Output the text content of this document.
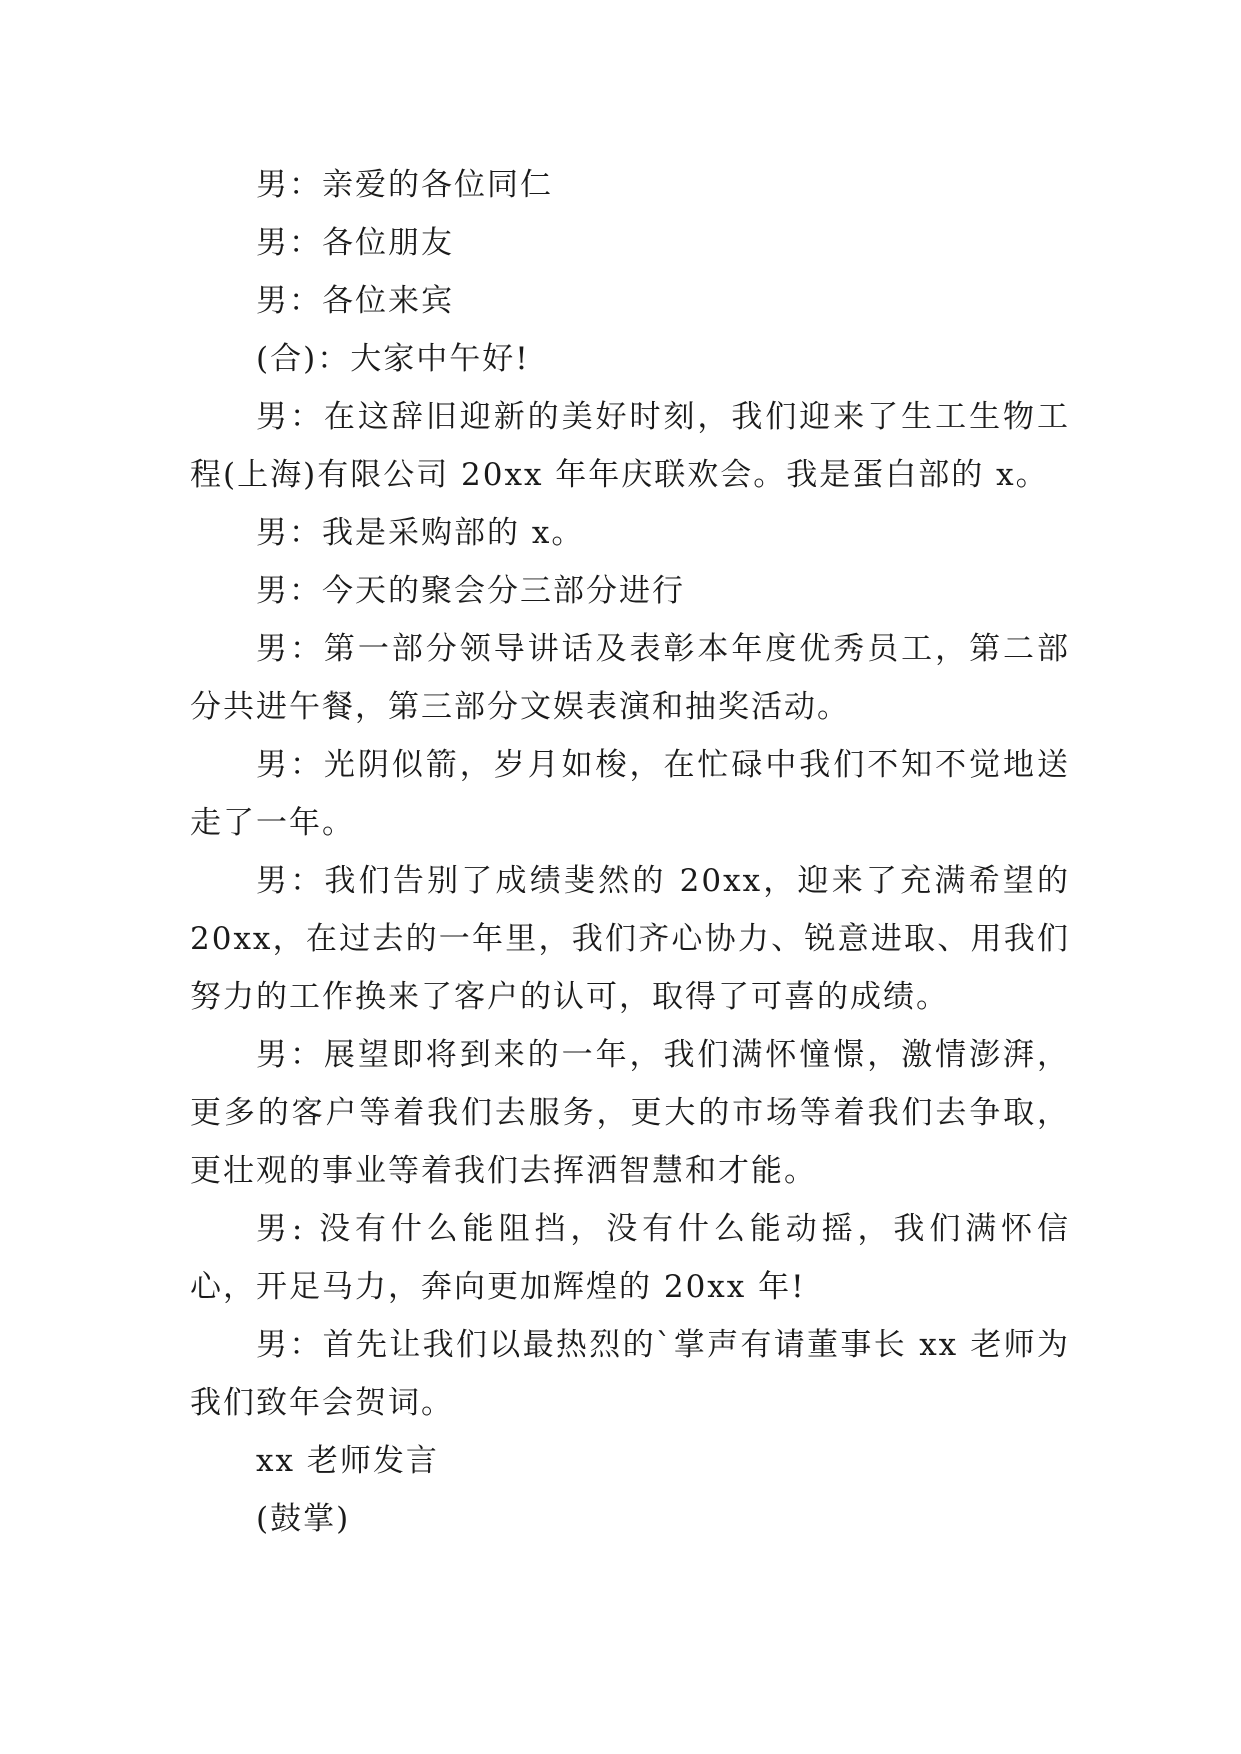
男：亲爱的各位同仁

男：各位朋友

男：各位来宾

(合)：大家中午好!

男：在这辞旧迎新的美好时刻，我们迎来了生工生物工程(上海)有限公司 20xx 年年庆联欢会。我是蛋白部的 x。

男：我是采购部的 x。

男：今天的聚会分三部分进行

男：第一部分领导讲话及表彰本年度优秀员工，第二部分共进午餐，第三部分文娱表演和抽奖活动。

男：光阴似箭，岁月如梭，在忙碌中我们不知不觉地送走了一年。

男：我们告别了成绩斐然的 20xx，迎来了充满希望的 20xx，在过去的一年里，我们齐心协力、锐意进取、用我们努力的工作换来了客户的认可，取得了可喜的成绩。

男：展望即将到来的一年，我们满怀憧憬，激情澎湃，更多的客户等着我们去服务，更大的市场等着我们去争取，更壮观的事业等着我们去挥洒智慧和才能。

男: 没有什么能阻挡，没有什么能动摇，我们满怀信心，开足马力，奔向更加辉煌的 20xx 年!

男：首先让我们以最热烈的`掌声有请董事长 xx 老师为我们致年会贺词。

xx 老师发言

(鼓掌)
